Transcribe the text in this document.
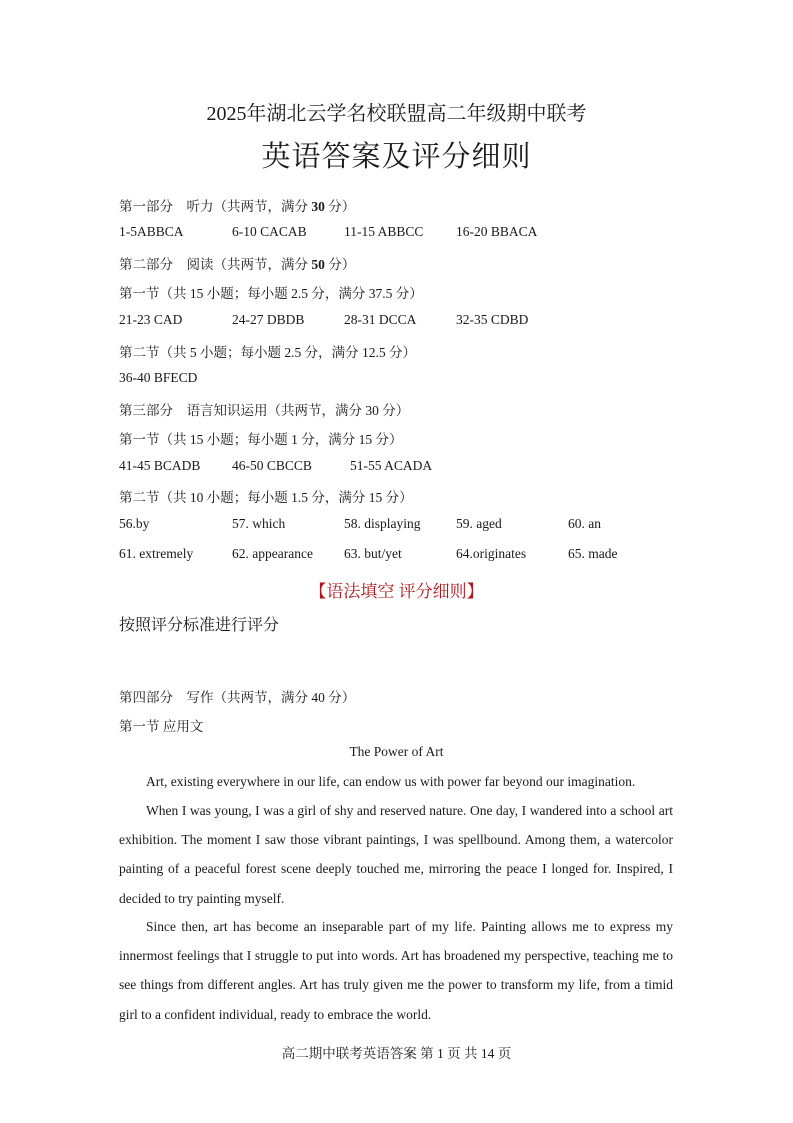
2025年湖北云学名校联盟高二年级期中联考
英语答案及评分细则
第一部分　听力（共两节，满分 30 分）
1-5ABBCA	6-10 CACAB	11-15 ABBCC 16-20 BBACA
第二部分　阅读（共两节，满分 50 分）
第一节（共 15 小题；每小题 2.5 分，满分 37.5 分）
21-23 CAD	24-27 DBDB	28-31 DCCA	32-35 CDBD
第二节（共 5 小题；每小题 2.5 分，满分 12.5 分）
36-40 BFECD
第三部分　语言知识运用（共两节，满分 30 分）
第一节（共 15 小题；每小题 1 分，满分 15 分）
41-45 BCADB 46-50 CBCCB	51-55 ACADA
第二节（共 10 小题；每小题 1.5 分，满分 15 分）
56.by	57. which	58. displaying	59. aged	60. an
61. extremely	62. appearance 63. but/yet	64.originates	65. made
【语法填空 评分细则】
按照评分标准进行评分
第四部分　写作（共两节，满分 40 分）
第一节 应用文
The Power of Art
Art, existing everywhere in our life, can endow us with power far beyond our imagination.
When I was young, I was a girl of shy and reserved nature. One day, I wandered into a school art exhibition. The moment I saw those vibrant paintings, I was spellbound. Among them, a watercolor painting of a peaceful forest scene deeply touched me, mirroring the peace I longed for. Inspired, I decided to try painting myself.
Since then, art has become an inseparable part of my life. Painting allows me to express my innermost feelings that I struggle to put into words. Art has broadened my perspective, teaching me to see things from different angles. Art has truly given me the power to transform my life, from a timid girl to a confident individual, ready to embrace the world.
高二期中联考英语答案 第 1 页 共 14 页
